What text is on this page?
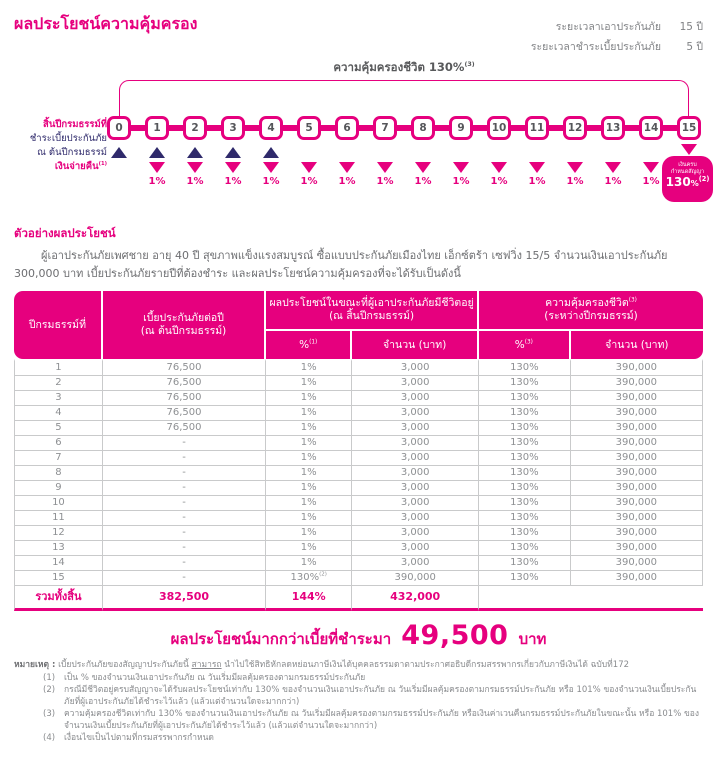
ผลประโยชน์ความคุ้มครอง	ระยะเวลาเอาประกันภัย	15 ปี
ระยะเวลาชำระเบี้ยประกันภัย	5 ปี
ความคุ้มครองชีวิต 130%$^{(3)}$
สิ้นปีกรมธรรม์ที่
ชำระเบี้ยประกันภัย
ณ ต้นปีกรมธรรม์
เงินจ่ายคืน$^{(1)}$
0	1
1%
2
1%
3
1%
4
1%
5
1%
6
1%
7
1%
8
1%
9
1%
10
1%
11
1%
12
1%
13
1%
14
1%
15
เงินครบ
กำหนดสัญญา
130%$^{(2)}$
ตัวอย่างผลประโยชน์
ผู้เอาประกันภัยเพศชาย อายุ 40 ปี สุขภาพแข็งแรงสมบูรณ์ ซื้อแบบประกันภัยเมืองไทย เอ็กซ์ตร้า เซฟวิ่ง 15/5 จำนวนเงินเอาประกันภัย 300,000 บาท เบี้ยประกันภัยรายปีที่ต้องชำระ และผลประโยชน์ความคุ้มครองที่จะได้รับเป็นดังนี้
ปีกรมธรรม์ที่	เบี้ยประกันภัยต่อปี
(ณ ต้นปีกรมธรรม์)	ผลประโยชน์ในขณะที่ผู้เอาประกันภัยมีชีวิตอยู่
(ณ สิ้นปีกรมธรรม์)		ความคุ้มครองชีวิต$^{(3)}$
(ระหว่างปีกรมธรรม์)	
		%$^{(1)}$	จำนวน (บาท)	%$^{(3)}$	จำนวน (บาท)
1	76,500	1%	3,000	130%	390,000
2	76,500	1%	3,000	130%	390,000
3	76,500	1%	3,000	130%	390,000
4	76,500	1%	3,000	130%	390,000
5	76,500	1%	3,000	130%	390,000
6	-	1%	3,000	130%	390,000
7	-	1%	3,000	130%	390,000
8	-	1%	3,000	130%	390,000
9	-	1%	3,000	130%	390,000
10	-	1%	3,000	130%	390,000
11	-	1%	3,000	130%	390,000
12	-	1%	3,000	130%	390,000
13	-	1%	3,000	130%	390,000
14	-	1%	3,000	130%	390,000
15	-	130%$^{(2)}$	390,000	130%	390,000
รวมทั้งสิ้น	382,500	144%	432,000		
ผลประโยชน์มากกว่าเบี้ยที่ชำระมา 49,500 บาท
หมายเหตุ : เบี้ยประกันภัยของสัญญาประกันภัยนี้ สามารถ นำไปใช้สิทธิหักลดหย่อนภาษีเงินได้บุคคลธรรมดาตามประกาศอธิบดีกรมสรรพากรเกี่ยวกับภาษีเงินได้ ฉบับที่172
(1)	เป็น % ของจำนวนเงินเอาประกันภัย ณ วันเริ่มมีผลคุ้มครองตามกรมธรรม์ประกันภัย
(2)	กรณีมีชีวิตอยู่ครบสัญญาจะได้รับผลประโยชน์เท่ากับ 130% ของจำนวนเงินเอาประกันภัย ณ วันเริ่มมีผลคุ้มครองตามกรมธรรม์ประกันภัย หรือ 101% ของจำนวนเงินเบี้ยประกันภัยที่ผู้เอาประกันภัยได้ชำระไว้แล้ว (แล้วแต่จำนวนใดจะมากกว่า)
(3)	ความคุ้มครองชีวิตเท่ากับ 130% ของจำนวนเงินเอาประกันภัย ณ วันเริ่มมีผลคุ้มครองตามกรมธรรม์ประกันภัย หรือเงินค่าเวนคืนกรมธรรม์ประกันภัยในขณะนั้น หรือ 101% ของจำนวนเงินเบี้ยประกันภัยที่ผู้เอาประกันภัยได้ชำระไว้แล้ว (แล้วแต่จำนวนใดจะมากกว่า)
(4)	เงื่อนไขเป็นไปตามที่กรมสรรพากรกำหนด
